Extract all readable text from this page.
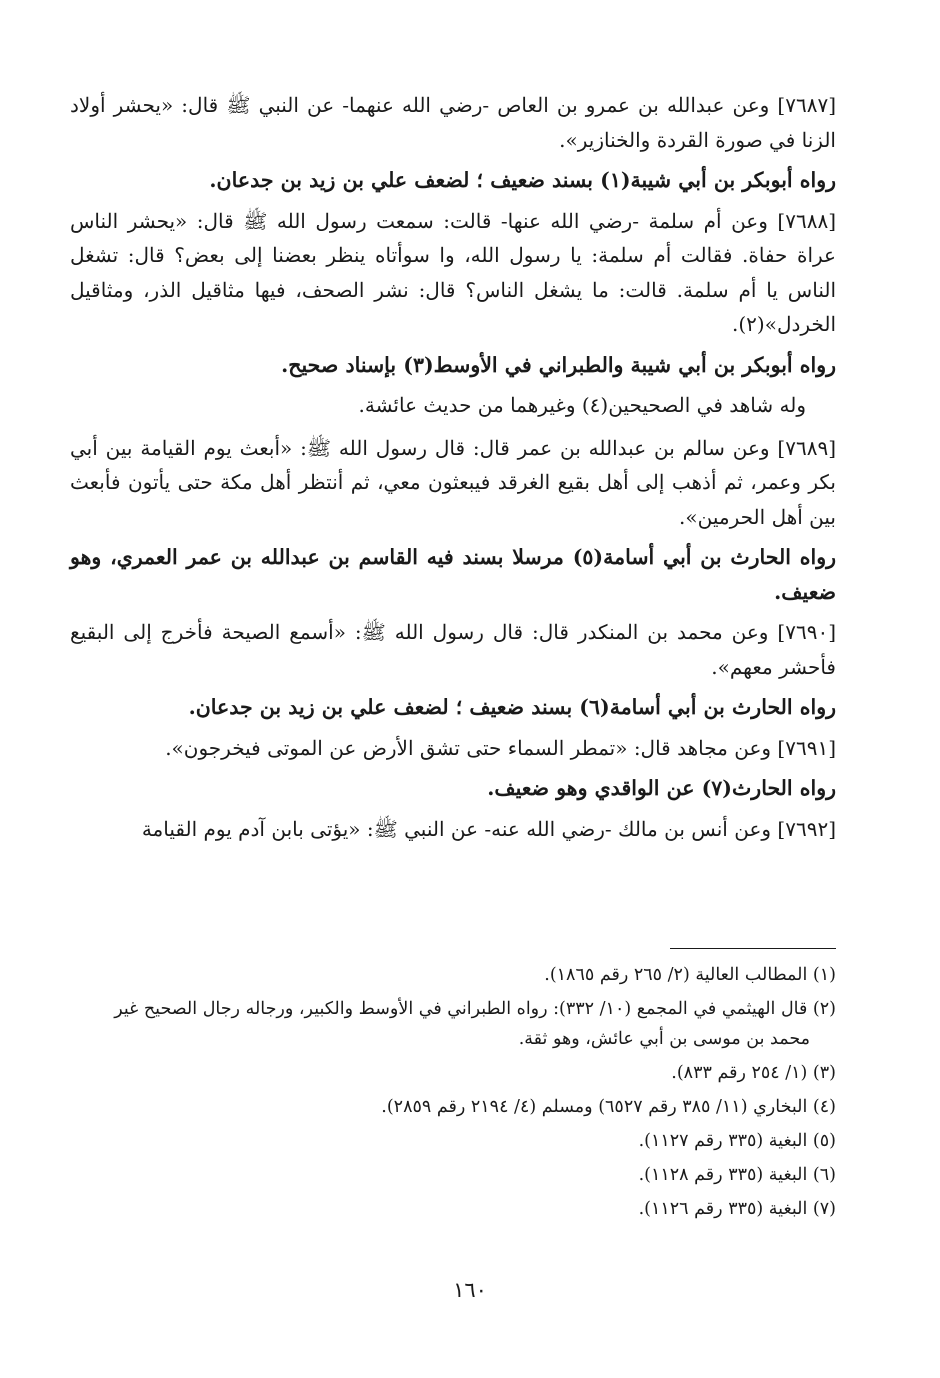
[٧٦٨٧] وعن عبدالله بن عمرو بن العاص -رضي الله عنهما- عن النبي ﷺ قال: «يحشر أولاد الزنا في صورة القردة والخنازير».

رواه أبوبكر بن أبي شيبة(١) بسند ضعيف ؛ لضعف علي بن زيد بن جدعان.

[٧٦٨٨] وعن أم سلمة -رضي الله عنها- قالت: سمعت رسول الله ﷺ قال: «يحشر الناس عراة حفاة. فقالت أم سلمة: يا رسول الله، وا سوأتاه ينظر بعضنا إلى بعض؟ قال: تشغل الناس يا أم سلمة. قالت: ما يشغل الناس؟ قال: نشر الصحف، فيها مثاقيل الذر، ومثاقيل الخردل»(٢).

رواه أبوبكر بن أبي شيبة والطبراني في الأوسط(٣) بإسناد صحيح.

وله شاهد في الصحيحين(٤) وغيرهما من حديث عائشة.

[٧٦٨٩] وعن سالم بن عبدالله بن عمر قال: قال رسول الله ﷺ: «أبعث يوم القيامة بين أبي بكر وعمر، ثم أذهب إلى أهل بقيع الغرقد فيبعثون معي، ثم أنتظر أهل مكة حتى يأتون فأبعث بين أهل الحرمين».

رواه الحارث بن أبي أسامة(٥) مرسلا بسند فيه القاسم بن عبدالله بن عمر العمري، وهو ضعيف.

[٧٦٩٠] وعن محمد بن المنكدر قال: قال رسول الله ﷺ: «أسمع الصيحة فأخرج إلى البقيع فأحشر معهم».

رواه الحارث بن أبي أسامة(٦) بسند ضعيف ؛ لضعف علي بن زيد بن جدعان.

[٧٦٩١] وعن مجاهد قال: «تمطر السماء حتى تشق الأرض عن الموتى فيخرجون».

رواه الحارث(٧) عن الواقدي وهو ضعيف.

[٧٦٩٢] وعن أنس بن مالك -رضي الله عنه- عن النبي ﷺ: «يؤتى بابن آدم يوم القيامة

(١) المطالب العالية (٢/ ٢٦٥ رقم ١٨٦٥).

(٢) قال الهيثمي في المجمع (١٠/ ٣٣٢): رواه الطبراني في الأوسط والكبير، ورجاله رجال الصحيح غير
محمد بن موسى بن أبي عائش، وهو ثقة.

(٣) (١/ ٢٥٤ رقم ٨٣٣).

(٤) البخاري (١١/ ٣٨٥ رقم ٦٥٢٧) ومسلم (٤/ ٢١٩٤ رقم ٢٨٥٩).

(٥) البغية (٣٣٥ رقم ١١٢٧).

(٦) البغية (٣٣٥ رقم ١١٢٨).

(٧) البغية (٣٣٥ رقم ١١٢٦).

١٦٠
